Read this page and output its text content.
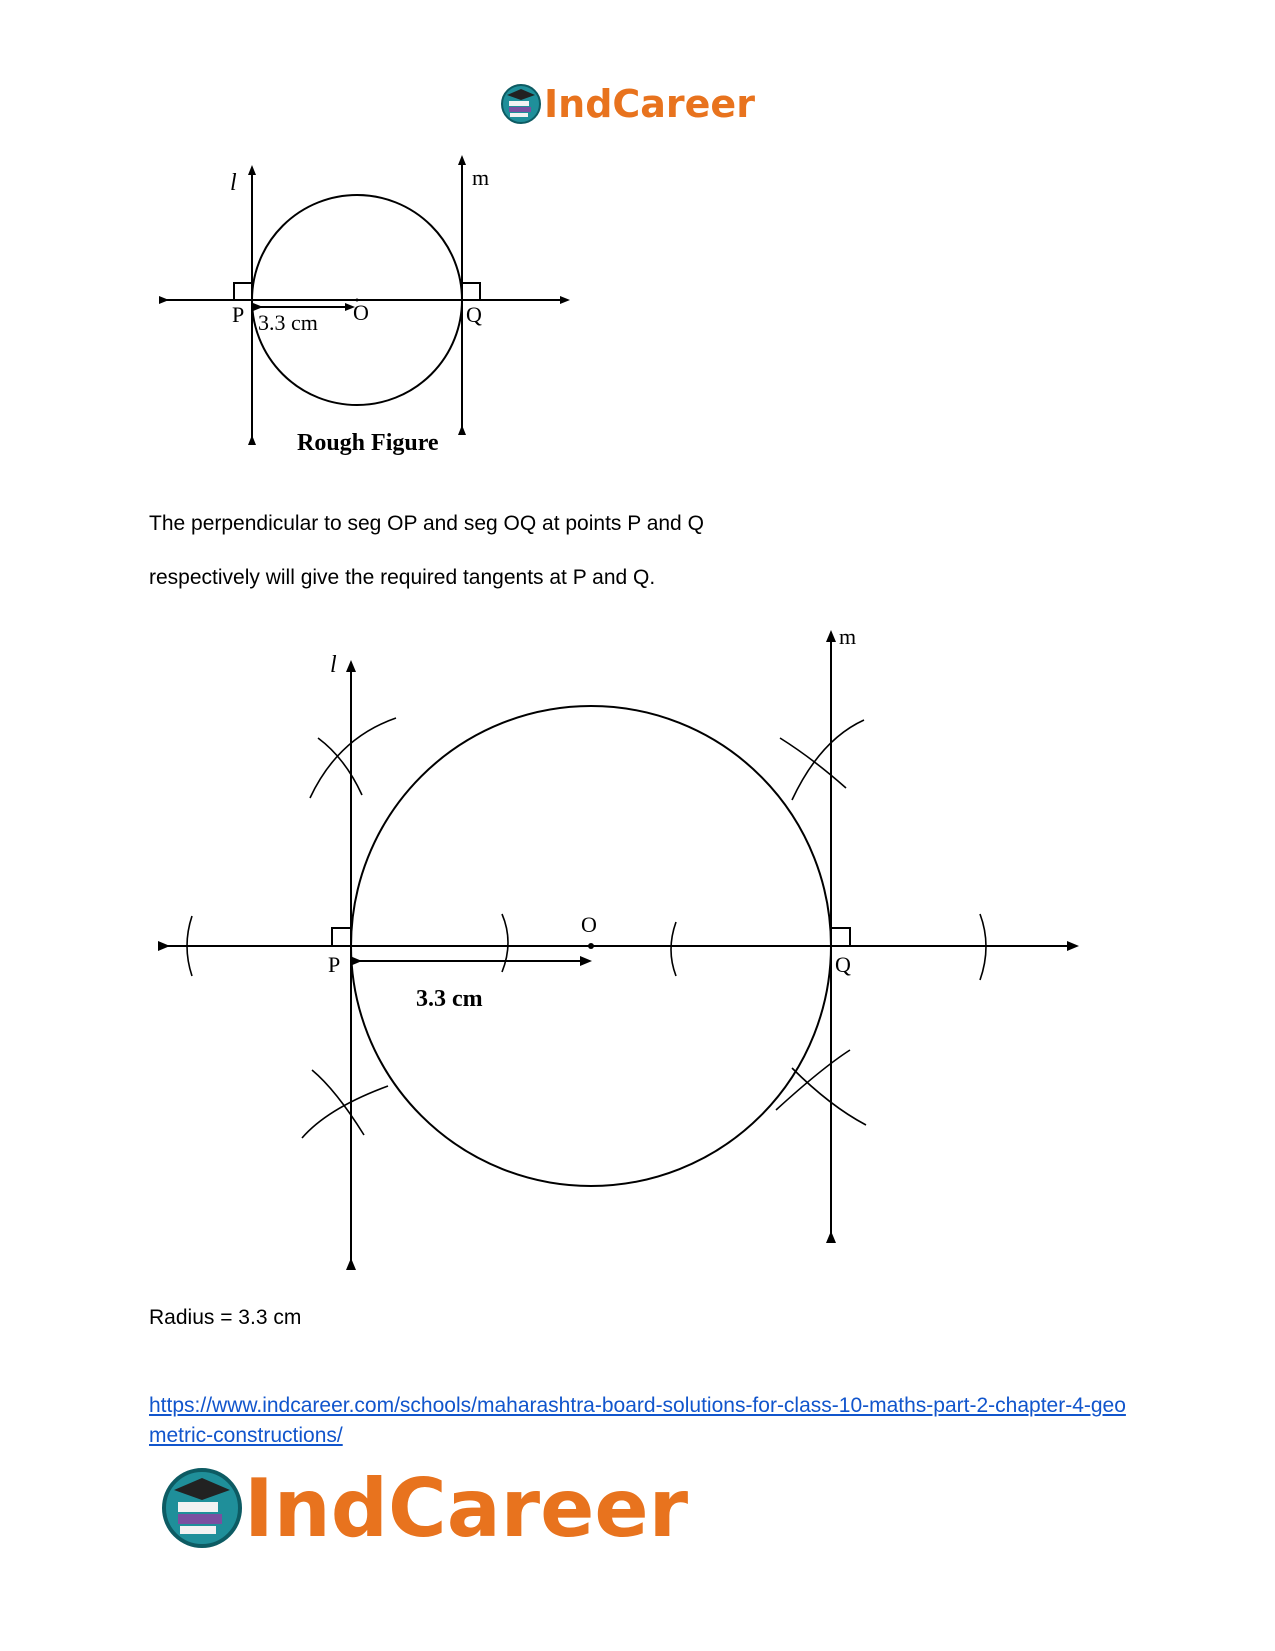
IndCareer
l	m
P 3.3 cm O	Q
Rough Figure
The perpendicular to seg OP and seg OQ at points P and Q
respectively will give the required tangents at P and Q.
l
m
P
O
Q
3.3 cm
Radius = 3.3 cm
https://www.indcareer.com/schools/maharashtra-board-solutions-for-class-10-maths-part-2-chapter-4-geometric-constructions/
IndCareer
